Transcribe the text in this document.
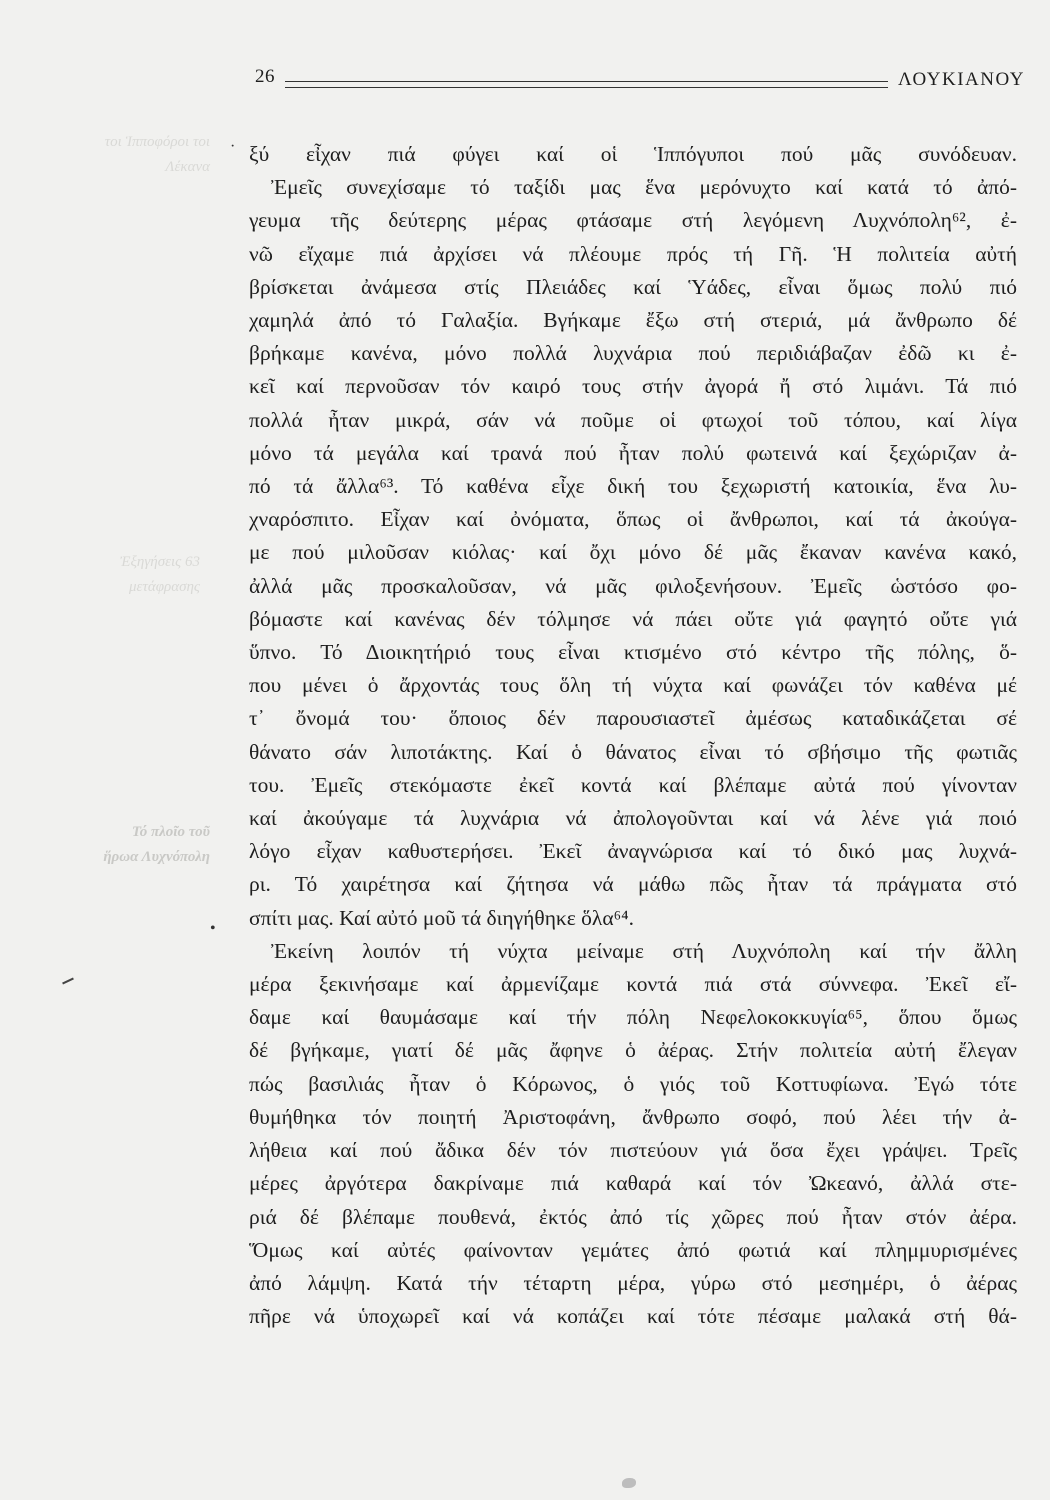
τοι Ἱπποφόροι τοι Λέκανα
Ἐξηγήσεις 63 μετάφρασης
Τό πλοῖο τοῦ ἥρωα Λυχνόπολη
26	ΛΟΥΚΙΑΝΟΥ
·
•
ξύ εἶχαν πιά φύγει καί οἱ Ἱππόγυποι πού μᾶς συνόδευαν.
Ἐμεῖς συνεχίσαμε τό ταξίδι μας ἕνα μερόνυχτο καί κατά τό ἀπό-
γευμα τῆς δεύτερης μέρας φτάσαμε στή λεγόμενη Λυχνόπολη⁶², ἐ-
νῶ εἴχαμε πιά ἀρχίσει νά πλέουμε πρός τή Γῆ. Ἡ πολιτεία αὐτή
βρίσκεται ἀνάμεσα στίς Πλειάδες καί Ὑάδες, εἶναι ὅμως πολύ πιό
χαμηλά ἀπό τό Γαλαξία. Βγήκαμε ἔξω στή στεριά, μά ἄνθρωπο δέ
βρήκαμε κανένα, μόνο πολλά λυχνάρια πού περιδιάβαζαν ἐδῶ κι ἐ-
κεῖ καί περνοῦσαν τόν καιρό τους στήν ἀγορά ἤ στό λιμάνι. Τά πιό
πολλά ἦταν μικρά, σάν νά ποῦμε οἱ φτωχοί τοῦ τόπου, καί λίγα
μόνο τά μεγάλα καί τρανά πού ἦταν πολύ φωτεινά καί ξεχώριζαν ἀ-
πό τά ἄλλα⁶³. Τό καθένα εἶχε δική του ξεχωριστή κατοικία, ἕνα λυ-
χναρόσπιτο. Εἶχαν καί ὀνόματα, ὅπως οἱ ἄνθρωποι, καί τά ἀκούγα-
με πού μιλοῦσαν κιόλας· καί ὄχι μόνο δέ μᾶς ἔκαναν κανένα κακό,
ἀλλά μᾶς προσκαλοῦσαν, νά μᾶς φιλοξενήσουν. Ἐμεῖς ὡστόσο φο-
βόμαστε καί κανένας δέν τόλμησε νά πάει οὔτε γιά φαγητό οὔτε γιά
ὕπνο. Τό Διοικητήριό τους εἶναι κτισμένο στό κέντρο τῆς πόλης, ὅ-
που μένει ὁ ἄρχοντάς τους ὅλη τή νύχτα καί φωνάζει τόν καθένα μέ
τ᾽ ὄνομά του· ὅποιος δέν παρουσιαστεῖ ἀμέσως καταδικάζεται σέ
θάνατο σάν λιποτάκτης. Καί ὁ θάνατος εἶναι τό σβήσιμο τῆς φωτιᾶς
του. Ἐμεῖς στεκόμαστε ἐκεῖ κοντά καί βλέπαμε αὐτά πού γίνονταν
καί ἀκούγαμε τά λυχνάρια νά ἀπολογοῦνται καί νά λένε γιά ποιό
λόγο εἶχαν καθυστερήσει. Ἐκεῖ ἀναγνώρισα καί τό δικό μας λυχνά-
ρι. Τό χαιρέτησα καί ζήτησα νά μάθω πῶς ἦταν τά πράγματα στό
σπίτι μας. Καί αὐτό μοῦ τά διηγήθηκε ὅλα⁶⁴.
Ἐκείνη λοιπόν τή νύχτα μείναμε στή Λυχνόπολη καί τήν ἄλλη
μέρα ξεκινήσαμε καί ἀρμενίζαμε κοντά πιά στά σύννεφα. Ἐκεῖ εἴ-
δαμε καί θαυμάσαμε καί τήν πόλη Νεφελοκοκκυγία⁶⁵, ὅπου ὅμως
δέ βγήκαμε, γιατί δέ μᾶς ἄφηνε ὁ ἀέρας. Στήν πολιτεία αὐτή ἔλεγαν
πώς βασιλιάς ἦταν ὁ Κόρωνος, ὁ γιός τοῦ Κοττυφίωνα. Ἐγώ τότε
θυμήθηκα τόν ποιητή Ἀριστοφάνη, ἄνθρωπο σοφό, πού λέει τήν ἀ-
λήθεια καί πού ἄδικα δέν τόν πιστεύουν γιά ὅσα ἔχει γράψει. Τρεῖς
μέρες ἀργότερα δακρίναμε πιά καθαρά καί τόν Ὠκεανό, ἀλλά στε-
ριά δέ βλέπαμε πουθενά, ἐκτός ἀπό τίς χῶρες πού ἦταν στόν ἀέρα.
Ὅμως καί αὐτές φαίνονταν γεμάτες ἀπό φωτιά καί πλημμυρισμένες
ἀπό λάμψη. Κατά τήν τέταρτη μέρα, γύρω στό μεσημέρι, ὁ ἀέρας
πῆρε νά ὑποχωρεῖ καί νά κοπάζει καί τότε πέσαμε μαλακά στή θά-
